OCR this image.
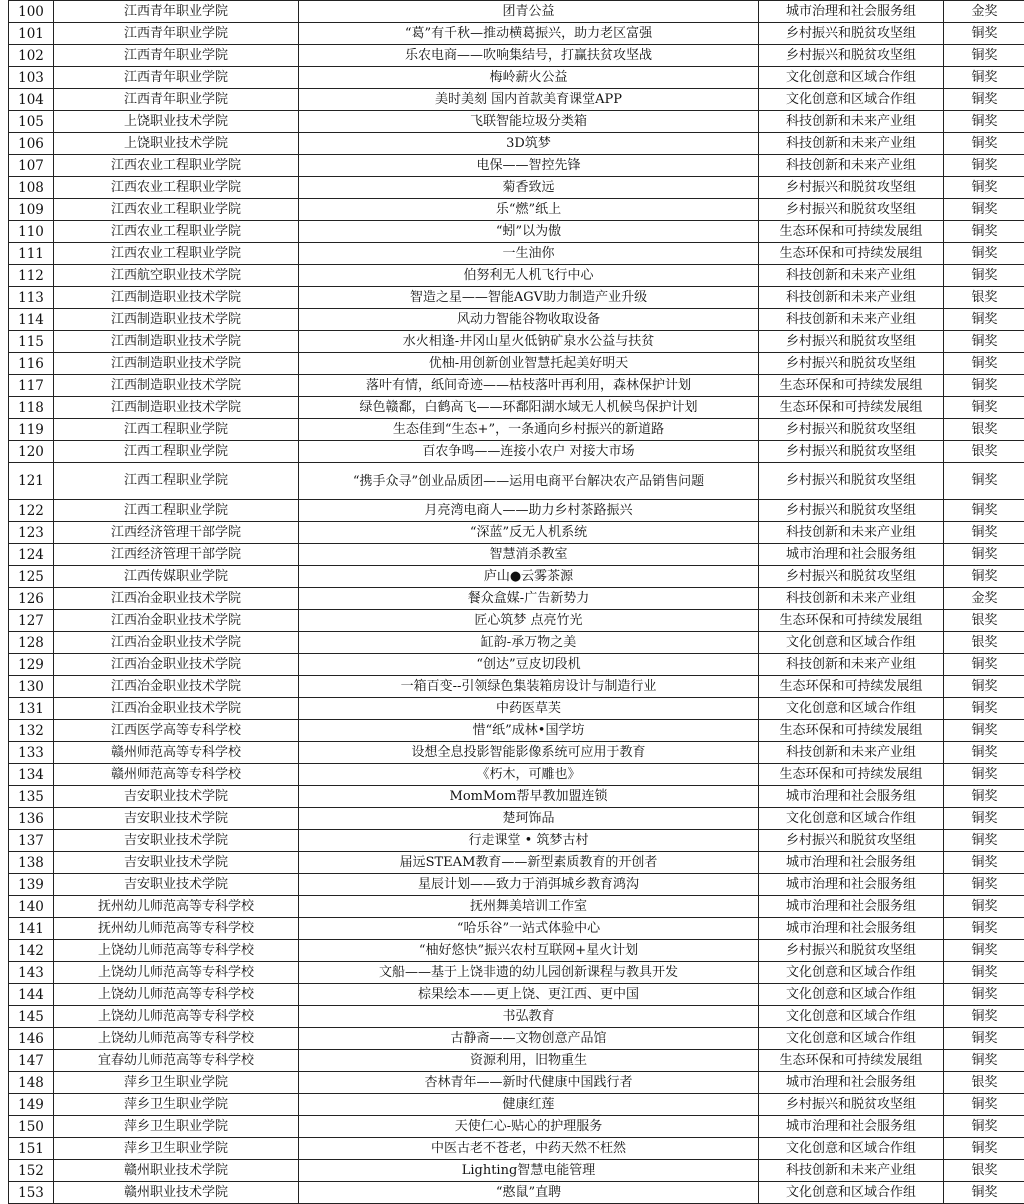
100	江西青年职业学院	团青公益	城市治理和社会服务组	金奖
101	江西青年职业学院	“葛”有千秋—推动横葛振兴，助力老区富强	乡村振兴和脱贫攻坚组	铜奖
102	江西青年职业学院	乐农电商——吹响集结号，打赢扶贫攻坚战	乡村振兴和脱贫攻坚组	铜奖
103	江西青年职业学院	梅岭薪火公益	文化创意和区域合作组	铜奖
104	江西青年职业学院	美时美刻 国内首款美育课堂APP	文化创意和区域合作组	铜奖
105	上饶职业技术学院	飞联智能垃圾分类箱	科技创新和未来产业组	铜奖
106	上饶职业技术学院	3D筑梦	科技创新和未来产业组	铜奖
107	江西农业工程职业学院	电保——智控先锋	科技创新和未来产业组	铜奖
108	江西农业工程职业学院	菊香致远	乡村振兴和脱贫攻坚组	铜奖
109	江西农业工程职业学院	乐“燃”纸上	乡村振兴和脱贫攻坚组	铜奖
110	江西农业工程职业学院	“蚓”以为傲	生态环保和可持续发展组	铜奖
111	江西农业工程职业学院	一生油你	生态环保和可持续发展组	铜奖
112	江西航空职业技术学院	伯努利无人机飞行中心	科技创新和未来产业组	铜奖
113	江西制造职业技术学院	智造之星——智能AGV助力制造产业升级	科技创新和未来产业组	银奖
114	江西制造职业技术学院	风动力智能谷物收取设备	科技创新和未来产业组	铜奖
115	江西制造职业技术学院	水火相逢-井冈山星火低钠矿泉水公益与扶贫	乡村振兴和脱贫攻坚组	铜奖
116	江西制造职业技术学院	优柚-用创新创业智慧托起美好明天	乡村振兴和脱贫攻坚组	铜奖
117	江西制造职业技术学院	落叶有情，纸间奇迹——枯枝落叶再利用，森林保护计划	生态环保和可持续发展组	铜奖
118	江西制造职业技术学院	绿色赣鄱，白鹤高飞——环鄱阳湖水域无人机候鸟保护计划	生态环保和可持续发展组	铜奖
119	江西工程职业学院	生态佳到“生态+”，一条通向乡村振兴的新道路	乡村振兴和脱贫攻坚组	银奖
120	江西工程职业学院	百农争鸣——连接小农户 对接大市场	乡村振兴和脱贫攻坚组	银奖
121	江西工程职业学院	“携手众寻”创业品质团——运用电商平台解决农产品销售问题	乡村振兴和脱贫攻坚组	铜奖
122	江西工程职业学院	月亮湾电商人——助力乡村茶路振兴	乡村振兴和脱贫攻坚组	铜奖
123	江西经济管理干部学院	“深蓝”反无人机系统	科技创新和未来产业组	铜奖
124	江西经济管理干部学院	智慧消杀教室	城市治理和社会服务组	铜奖
125	江西传媒职业学院	庐山●云雾茶源	乡村振兴和脱贫攻坚组	铜奖
126	江西冶金职业技术学院	餐众盒媒-广告新势力	科技创新和未来产业组	金奖
127	江西冶金职业技术学院	匠心筑梦 点亮竹光	生态环保和可持续发展组	银奖
128	江西冶金职业技术学院	缸韵-承万物之美	文化创意和区域合作组	银奖
129	江西冶金职业技术学院	“创达”豆皮切段机	科技创新和未来产业组	铜奖
130	江西冶金职业技术学院	一箱百变--引领绿色集装箱房设计与制造行业	生态环保和可持续发展组	铜奖
131	江西冶金职业技术学院	中药医草芙	文化创意和区域合作组	铜奖
132	江西医学高等专科学校	惜“纸”成林•国学坊	生态环保和可持续发展组	铜奖
133	赣州师范高等专科学校	设想全息投影智能影像系统可应用于教育	科技创新和未来产业组	铜奖
134	赣州师范高等专科学校	《朽木，可雕也》	生态环保和可持续发展组	铜奖
135	吉安职业技术学院	MomMom帮早教加盟连锁	城市治理和社会服务组	铜奖
136	吉安职业技术学院	楚珂饰品	文化创意和区域合作组	铜奖
137	吉安职业技术学院	行走课堂 • 筑梦古村	乡村振兴和脱贫攻坚组	铜奖
138	吉安职业技术学院	届远STEAM教育——新型素质教育的开创者	城市治理和社会服务组	铜奖
139	吉安职业技术学院	星辰计划——致力于消弭城乡教育鸿沟	城市治理和社会服务组	铜奖
140	抚州幼儿师范高等专科学校	抚州舞美培训工作室	城市治理和社会服务组	铜奖
141	抚州幼儿师范高等专科学校	“哈乐谷”一站式体验中心	城市治理和社会服务组	铜奖
142	上饶幼儿师范高等专科学校	“柚好悠快”振兴农村互联网+星火计划	乡村振兴和脱贫攻坚组	铜奖
143	上饶幼儿师范高等专科学校	文船——基于上饶非遗的幼儿园创新课程与教具开发	文化创意和区域合作组	铜奖
144	上饶幼儿师范高等专科学校	棕果绘本——更上饶、更江西、更中国	文化创意和区域合作组	铜奖
145	上饶幼儿师范高等专科学校	书弘教育	文化创意和区域合作组	铜奖
146	上饶幼儿师范高等专科学校	古静斋——文物创意产品馆	文化创意和区域合作组	铜奖
147	宜春幼儿师范高等专科学校	资源利用，旧物重生	生态环保和可持续发展组	铜奖
148	萍乡卫生职业学院	杏林青年——新时代健康中国践行者	城市治理和社会服务组	银奖
149	萍乡卫生职业学院	健康红莲	乡村振兴和脱贫攻坚组	铜奖
150	萍乡卫生职业学院	天使仁心-贴心的护理服务	城市治理和社会服务组	铜奖
151	萍乡卫生职业学院	中医古老不苍老，中药天然不枉然	文化创意和区域合作组	铜奖
152	赣州职业技术学院	Lighting智慧电能管理	科技创新和未来产业组	银奖
153	赣州职业技术学院	“憨鼠”直聘	文化创意和区域合作组	铜奖
